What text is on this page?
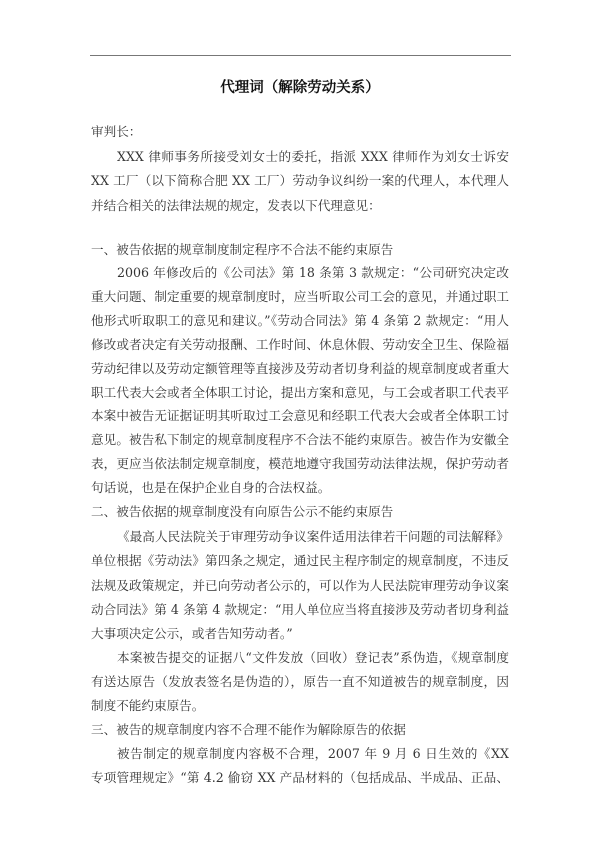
代理词（解除劳动关系）
审判长：
XXX 律师事务所接受刘女士的委托，指派 XXX 律师作为刘女士诉安
XX 工厂（以下简称合肥 XX 工厂）劳动争议纠纷一案的代理人，本代理人
并结合相关的法律法规的规定，发表以下代理意见：
一、被告依据的规章制度制定程序不合法不能约束原告
2006 年修改后的《公司法》第 18 条第 3 款规定：“公司研究决定改
重大问题、制定重要的规章制度时，应当听取公司工会的意见，并通过职工
他形式听取职工的意见和建议。”《劳动合同法》第 4 条第 2 款规定：“用人
修改或者决定有关劳动报酬、工作时间、休息休假、劳动安全卫生、保险福
劳动纪律以及劳动定额管理等直接涉及劳动者切身利益的规章制度或者重大
职工代表大会或者全体职工讨论，提出方案和意见，与工会或者职工代表平
本案中被告无证据证明其听取过工会意见和经职工代表大会或者全体职工讨
意见。被告私下制定的规章制度程序不合法不能约束原告。被告作为安徽全
表，更应当依法制定规章制度，模范地遵守我国劳动法律法规，保护劳动者
句话说，也是在保护企业自身的合法权益。
二、被告依据的规章制度没有向原告公示不能约束原告
《最高人民法院关于审理劳动争议案件适用法律若干问题的司法解释》
单位根据《劳动法》第四条之规定，通过民主程序制定的规章制度，不违反
法规及政策规定，并已向劳动者公示的，可以作为人民法院审理劳动争议案
动合同法》第 4 条第 4 款规定：“用人单位应当将直接涉及劳动者切身利益
大事项决定公示，或者告知劳动者。”
本案被告提交的证据八“文件发放（回收）登记表”系伪造，《规章制度
有送达原告（发放表签名是伪造的），原告一直不知道被告的规章制度，因
制度不能约束原告。
三、被告的规章制度内容不合理不能作为解除原告的依据
被告制定的规章制度内容极不合理，2007 年 9 月 6 日生效的《XX
专项管理规定》“第 4.2 偷窃 XX 产品材料的（包括成品、半成品、正品、
